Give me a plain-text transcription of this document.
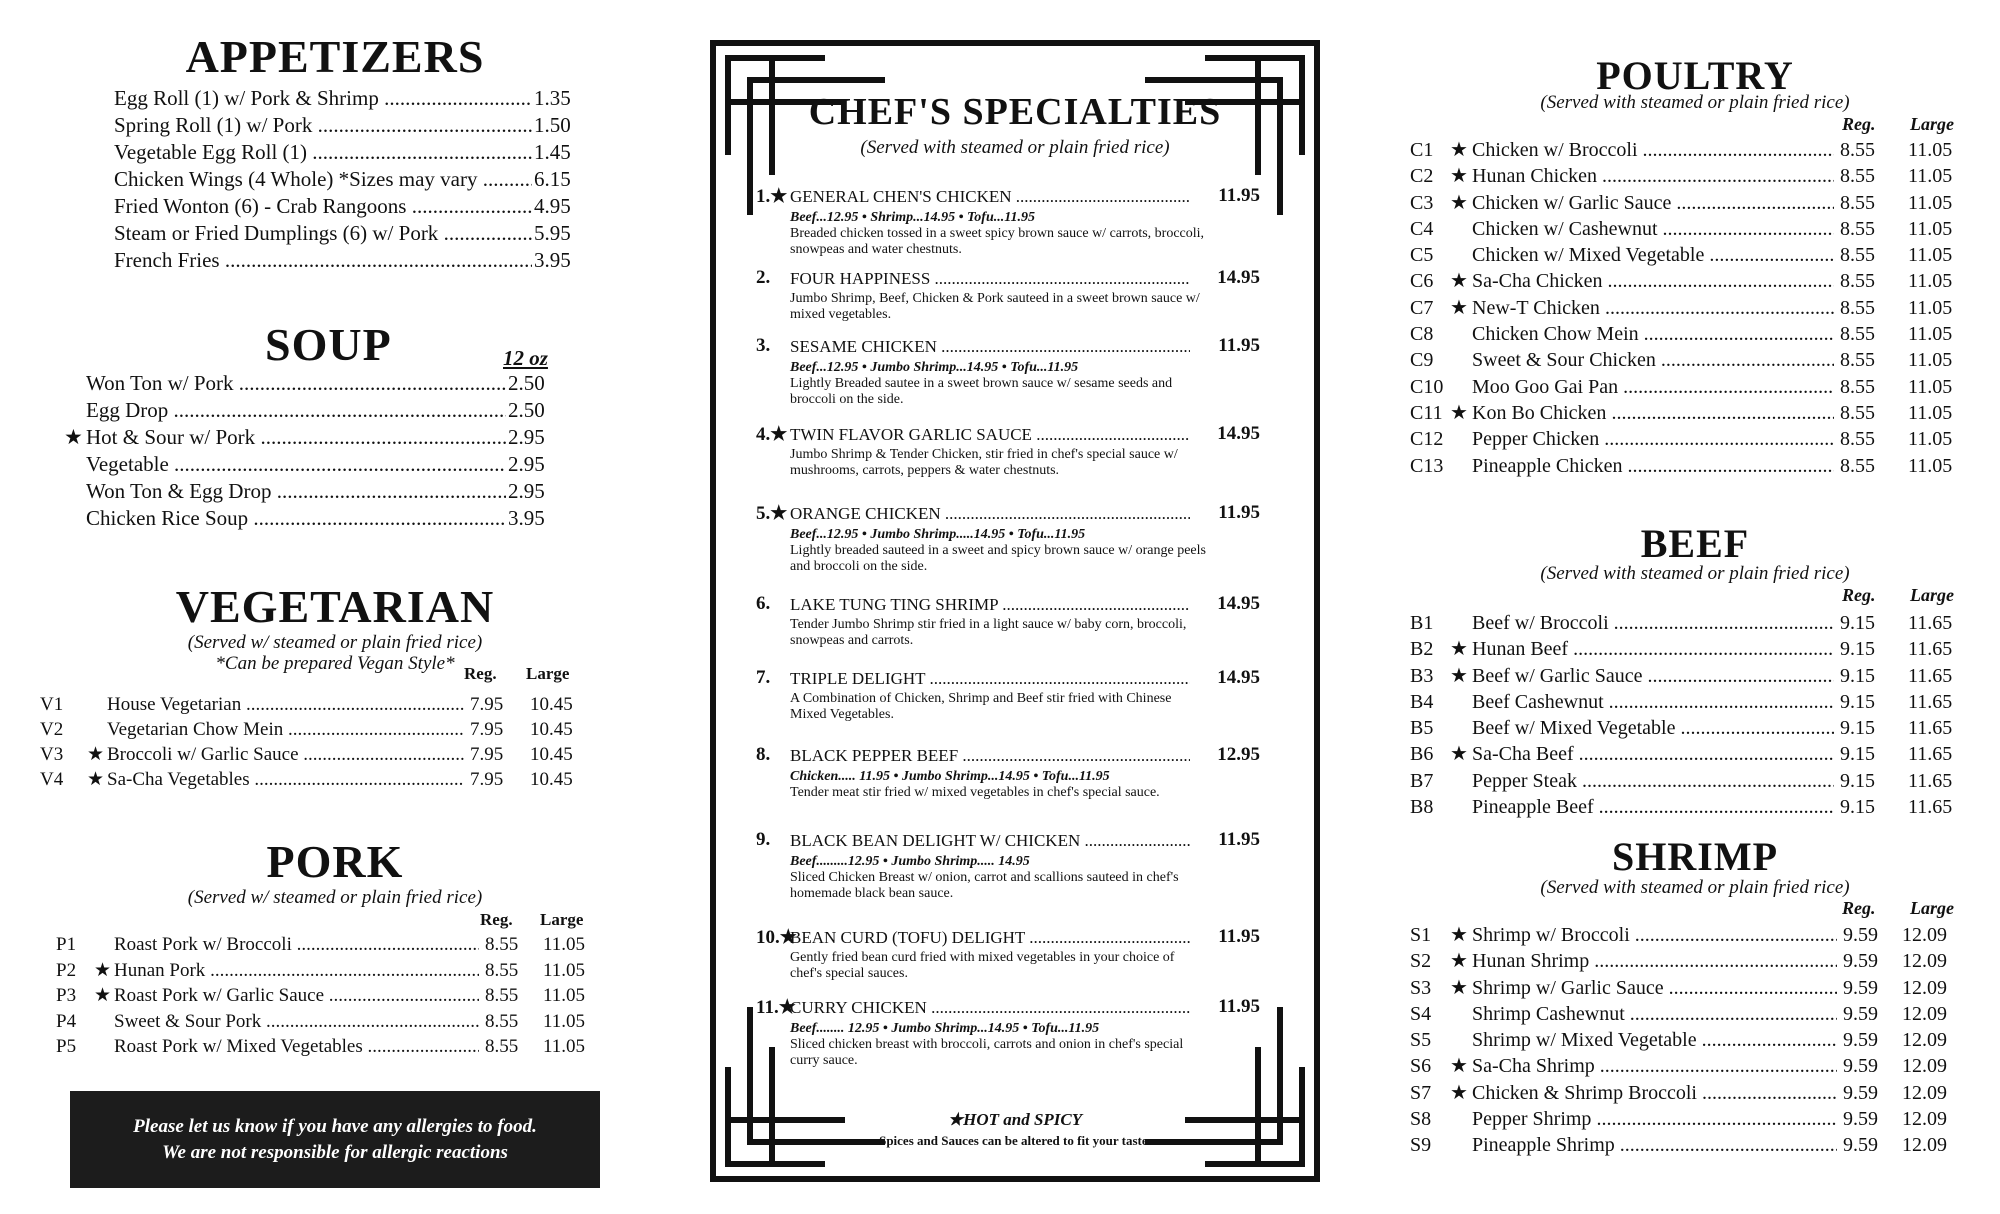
APPETIZERS
Egg Roll (1) w/ Pork & Shrimp .....	1.35
Spring Roll (1) w/ Pork .....	1.50
Vegetable Egg Roll (1) .....	1.45
Chicken Wings (4 Whole) *Sizes may vary .....	6.15
Fried Wonton (6) - Crab Rangoons .....	4.95
Steam or Fried Dumplings (6) w/ Pork .....	5.95
French Fries .....	3.95
SOUP	12 oz
Won Ton w/ Pork .....	2.50
Egg Drop .....	2.50
★ Hot & Sour w/ Pork .....	2.95
Vegetable .....	2.95
Won Ton & Egg Drop .....	2.95
Chicken Rice Soup .....	3.95
VEGETARIAN

(Served w/ steamed or plain fried rice)

*Can be prepared Vegan Style* Reg. Large
V1 House Vegetarian .....	7.95 10.45
V2 Vegetarian Chow Mein .....	7.95 10.45
V3 ★ Broccoli w/ Garlic Sauce .....	7.95 10.45
V4 ★ Sa-Cha Vegetables .....	7.95 10.45
PORK

(Served w/ steamed or plain fried rice)

Reg. Large
P1 Roast Pork w/ Broccoli .....	8.55 11.05
P2 ★ Hunan Pork .....	8.55 11.05
P3 ★ Roast Pork w/ Garlic Sauce .....	8.55 11.05
P4 Sweet & Sour Pork .....	8.55 11.05
P5 Roast Pork w/ Mixed Vegetables .....	8.55 11.05
Please let us know if you have any allergies to food.
We are not responsible for allergic reactions
CHEF'S SPECIALTIES

(Served with steamed or plain fried rice)

1.★ GENERAL CHEN'S CHICKEN .....	11.95
Beef...12.95 • Shrimp...14.95 • Tofu...11.95
Breaded chicken tossed in a sweet spicy brown sauce w/ carrots, broccoli, snowpeas and water chestnuts.
2. FOUR HAPPINESS .....	14.95
Jumbo Shrimp, Beef, Chicken & Pork sauteed in a sweet brown sauce w/ mixed vegetables.
3. SESAME CHICKEN .....	11.95
Beef...12.95 • Jumbo Shrimp...14.95 • Tofu...11.95
Lightly Breaded sautee in a sweet brown sauce w/ sesame seeds and broccoli on the side.
4.★ TWIN FLAVOR GARLIC SAUCE .....	14.95
Jumbo Shrimp & Tender Chicken, stir fried in chef's special sauce w/ mushrooms, carrots, peppers & water chestnuts.
5.★ ORANGE CHICKEN .....	11.95
Beef...12.95 • Jumbo Shrimp.....14.95 • Tofu...11.95
Lightly breaded sauteed in a sweet and spicy brown sauce w/ orange peels and broccoli on the side.
6. LAKE TUNG TING SHRIMP .....	14.95
Tender Jumbo Shrimp stir fried in a light sauce w/ baby corn, broccoli, snowpeas and carrots.
7. TRIPLE DELIGHT .....	14.95
A Combination of Chicken, Shrimp and Beef stir fried with Chinese Mixed Vegetables.
8. BLACK PEPPER BEEF .....	12.95
Chicken..... 11.95 • Jumbo Shrimp...14.95 • Tofu...11.95
Tender meat stir fried w/ mixed vegetables in chef's special sauce.
9. BLACK BEAN DELIGHT W/ CHICKEN .....	11.95
Beef.........12.95 • Jumbo Shrimp..... 14.95
Sliced Chicken Breast w/ onion, carrot and scallions sauteed in chef's homemade black bean sauce.
10.★
BEAN CURD (TOFU) DELIGHT .....	11.95
Gently fried bean curd fried with mixed vegetables in your choice of chef's special sauces.
11.★
CURRY CHICKEN .....	11.95
Beef........ 12.95 • Jumbo Shrimp...14.95 • Tofu...11.95
Sliced chicken breast with broccoli, carrots and onion in chef's special curry sauce.
★HOT and SPICY
Spices and Sauces can be altered to fit your taste.
POULTRY

(Served with steamed or plain fried rice)

Reg. Large
C1 ★ Chicken w/ Broccoli .....	8.55 11.05
C2 ★ Hunan Chicken .....	8.55 11.05
C3 ★ Chicken w/ Garlic Sauce .....	8.55 11.05
C4 Chicken w/ Cashewnut .....	8.55 11.05
C5 Chicken w/ Mixed Vegetable .....	8.55 11.05
C6 ★ Sa-Cha Chicken .....	8.55 11.05
C7 ★ New-T Chicken .....	8.55 11.05
C8 Chicken Chow Mein .....	8.55 11.05
C9 Sweet & Sour Chicken .....	8.55 11.05
C10 Moo Goo Gai Pan .....	8.55 11.05
C11 ★ Kon Bo Chicken .....	8.55 11.05
C12 Pepper Chicken .....	8.55 11.05
C13 Pineapple Chicken .....	8.55 11.05
BEEF

(Served with steamed or plain fried rice)

Reg. Large
B1 Beef w/ Broccoli .....	9.15 11.65
B2 ★ Hunan Beef .....	9.15 11.65
B3 ★ Beef w/ Garlic Sauce .....	9.15 11.65
B4 Beef Cashewnut .....	9.15 11.65
B5 Beef w/ Mixed Vegetable .....	9.15 11.65
B6 ★ Sa-Cha Beef .....	9.15 11.65
B7 Pepper Steak .....	9.15 11.65
B8 Pineapple Beef .....	9.15 11.65
SHRIMP

(Served with steamed or plain fried rice)

Reg. Large
S1 ★ Shrimp w/ Broccoli .....	9.59 12.09
S2 ★ Hunan Shrimp .....	9.59 12.09
S3 ★ Shrimp w/ Garlic Sauce .....	9.59 12.09
S4 Shrimp Cashewnut .....	9.59 12.09
S5 Shrimp w/ Mixed Vegetable .....	9.59 12.09
S6 ★ Sa-Cha Shrimp .....	9.59 12.09
S7 ★ Chicken & Shrimp Broccoli .....	9.59 12.09
S8 Pepper Shrimp .....	9.59 12.09
S9 Pineapple Shrimp .....	9.59 12.09
